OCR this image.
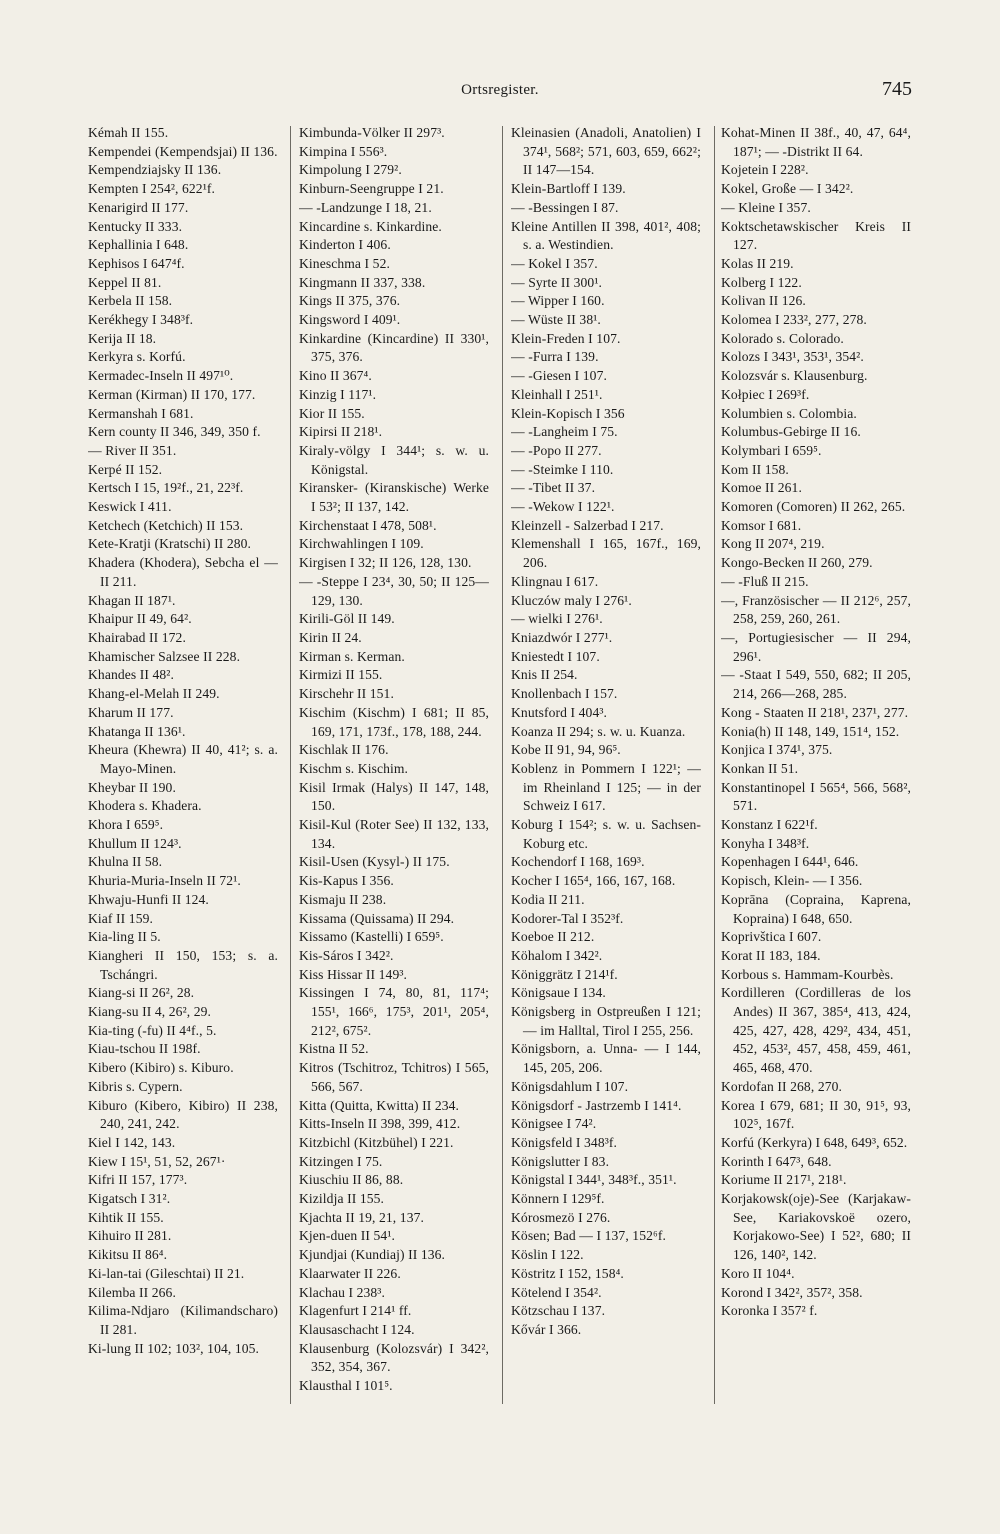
Ortsregister.	745

Kémah II 155.

Kempendei (Kempendsjai) II 136.

Kempendziajsky II 136.

Kempten I 254², 622¹f.

Kenarigird II 177.

Kentucky II 333.

Kephallinia I 648.

Kephisos I 647⁴f.

Keppel II 81.

Kerbela II 158.

Kerékhegy I 348³f.

Kerija II 18.

Kerkyra s. Korfú.

Kermadec-Inseln II 497¹⁰.

Kerman (Kirman) II 170, 177.

Kermanshah I 681.

Kern county II 346, 349, 350 f.

— River II 351.

Kerpé II 152.

Kertsch I 15, 19²f., 21, 22³f.

Keswick I 411.

Ketchech (Ketchich) II 153.

Kete-Kratji (Kratschi) II 280.

Khadera (Khodera), Sebcha el — II 211.

Khagan II 187¹.

Khaipur II 49, 64².

Khairabad II 172.

Khamischer Salzsee II 228.

Khandes II 48².

Khang-el-Melah II 249.

Kharum II 177.

Khatanga II 136¹.

Kheura (Khewra) II 40, 41²; s. a. Mayo-Minen.

Kheybar II 190.

Khodera s. Khadera.

Khora I 659⁵.

Khullum II 124³.

Khulna II 58.

Khuria-Muria-Inseln II 72¹.

Khwaju-Hunfi II 124.

Kiaf II 159.

Kia-ling II 5.

Kiangheri II 150, 153; s. a. Tschángri.

Kiang-si II 26², 28.

Kiang-su II 4, 26², 29.

Kia-ting (-fu) II 4⁴f., 5.

Kiau-tschou II 198f.

Kibero (Kibiro) s. Kiburo.

Kibris s. Cypern.

Kiburo (Kibero, Kibiro) II 238, 240, 241, 242.

Kiel I 142, 143.

Kiew I 15¹, 51, 52, 267¹·

Kifri II 157, 177³.

Kigatsch I 31².

Kihtik II 155.

Kihuiro II 281.

Kikitsu II 86⁴.

Ki-lan-tai (Gileschtai) II 21.

Kilemba II 266.

Kilima-Ndjaro (Kilimandscharo) II 281.

Ki-lung II 102; 103², 104, 105.

Kimbunda-Völker II 297³.

Kimpina I 556³.

Kimpolung I 279².

Kinburn-Seengruppe I 21.

— -Landzunge I 18, 21.

Kincardine s. Kinkardine.

Kinderton I 406.

Kineschma I 52.

Kingmann II 337, 338.

Kings II 375, 376.

Kingsword I 409¹.

Kinkardine (Kincardine) II 330¹, 375, 376.

Kino II 367⁴.

Kinzig I 117¹.

Kior II 155.

Kipirsi II 218¹.

Kiraly-völgy I 344¹; s. w. u. Königstal.

Kiransker- (Kiranskische) Werke I 53²; II 137, 142.

Kirchenstaat I 478, 508¹.

Kirchwahlingen I 109.

Kirgisen I 32; II 126, 128, 130.

— -Steppe I 23⁴, 30, 50; II 125—129, 130.

Kirili-Göl II 149.

Kirin II 24.

Kirman s. Kerman.

Kirmizi II 155.

Kirschehr II 151.

Kischim (Kischm) I 681; II 85, 169, 171, 173f., 178, 188, 244.

Kischlak II 176.

Kischm s. Kischim.

Kisil Irmak (Halys) II 147, 148, 150.

Kisil-Kul (Roter See) II 132, 133, 134.

Kisil-Usen (Kysyl-) II 175.

Kis-Kapus I 356.

Kismaju II 238.

Kissama (Quissama) II 294.

Kissamo (Kastelli) I 659⁵.

Kis-Sáros I 342².

Kiss Hissar II 149³.

Kissingen I 74, 80, 81, 117⁴; 155¹, 166⁶, 175³, 201¹, 205⁴, 212², 675².

Kistna II 52.

Kitros (Tschitroz, Tchitros) I 565, 566, 567.

Kitta (Quitta, Kwitta) II 234.

Kitts-Inseln II 398, 399, 412.

Kitzbichl (Kitzbühel) I 221.

Kitzingen I 75.

Kiuschiu II 86, 88.

Kizildja II 155.

Kjachta II 19, 21, 137.

Kjen-duen II 54¹.

Kjundjai (Kundiaj) II 136.

Klaarwater II 226.

Klachau I 238³.

Klagenfurt I 214¹ ff.

Klausaschacht I 124.

Klausenburg (Kolozsvár) I 342², 352, 354, 367.

Klausthal I 101⁵.

Kleinasien (Anadoli, Anatolien) I 374¹, 568²; 571, 603, 659, 662²; II 147—154.

Klein-Bartloff I 139.

— -Bessingen I 87.

Kleine Antillen II 398, 401², 408; s. a. Westindien.

— Kokel I 357.

— Syrte II 300¹.

— Wipper I 160.

— Wüste II 38¹.

Klein-Freden I 107.

— -Furra I 139.

— -Giesen I 107.

Kleinhall I 251¹.

Klein-Kopisch I 356

— -Langheim I 75.

— -Popo II 277.

— -Steimke I 110.

— -Tibet II 37.

— -Wekow I 122¹.

Kleinzell - Salzerbad I 217.

Klemenshall I 165, 167f., 169, 206.

Klingnau I 617.

Kluczów maly I 276¹.

— wielki I 276¹.

Kniazdwór I 277¹.

Kniestedt I 107.

Knis II 254.

Knollenbach I 157.

Knutsford I 404³.

Koanza II 294; s. w. u. Kuanza.

Kobe II 91, 94, 96⁵.

Koblenz in Pommern I 122¹; — im Rheinland I 125; — in der Schweiz I 617.

Koburg I 154²; s. w. u. Sachsen-Koburg etc.

Kochendorf I 168, 169³.

Kocher I 165⁴, 166, 167, 168.

Kodia II 211.

Kodorer-Tal I 352³f.

Koeboe II 212.

Köhalom I 342².

Königgrätz I 214¹f.

Königsaue I 134.

Königsberg in Ostpreußen I 121; — im Halltal, Tirol I 255, 256.

Königsborn, a. Unna- — I 144, 145, 205, 206.

Königsdahlum I 107.

Königsdorf - Jastrzemb I 141⁴.

Königsee I 74².

Königsfeld I 348³f.

Königslutter I 83.

Königstal I 344¹, 348³f., 351¹.

Könnern I 129⁵f.

Kórosmezö I 276.

Kösen; Bad — I 137, 152⁶f.

Köslin I 122.

Köstritz I 152, 158⁴.

Kötelend I 354².

Kötzschau I 137.

Kővár I 366.

Kohat-Minen II 38f., 40, 47, 64⁴, 187¹; — -Distrikt II 64.

Kojetein I 228².

Kokel, Große — I 342².

— Kleine I 357.

Koktschetawskischer Kreis II 127.

Kolas II 219.

Kolberg I 122.

Kolivan II 126.

Kolomea I 233², 277, 278.

Kolorado s. Colorado.

Kolozs I 343¹, 353¹, 354².

Kolozsvár s. Klausenburg.

Kołpiec I 269³f.

Kolumbien s. Colombia.

Kolumbus-Gebirge II 16.

Kolymbari I 659⁵.

Kom II 158.

Komoe II 261.

Komoren (Comoren) II 262, 265.

Komsor I 681.

Kong II 207⁴, 219.

Kongo-Becken II 260, 279.

— -Fluß II 215.

—, Französischer — II 212⁶, 257, 258, 259, 260, 261.

—, Portugiesischer — II 294, 296¹.

— -Staat I 549, 550, 682; II 205, 214, 266—268, 285.

Kong - Staaten II 218¹, 237¹, 277.

Konia(h) II 148, 149, 151⁴, 152.

Konjica I 374¹, 375.

Konkan II 51.

Konstantinopel I 565⁴, 566, 568², 571.

Konstanz I 622¹f.

Konyha I 348³f.

Kopenhagen I 644¹, 646.

Kopisch, Klein- — I 356.

Koprāna (Copraina, Kaprena, Kopraina) I 648, 650.

Koprivštica I 607.

Korat II 183, 184.

Korbous s. Hammam-Kourbès.

Kordilleren (Cordilleras de los Andes) II 367, 385⁴, 413, 424, 425, 427, 428, 429², 434, 451, 452, 453², 457, 458, 459, 461, 465, 468, 470.

Kordofan II 268, 270.

Korea I 679, 681; II 30, 91⁵, 93, 102⁵, 167f.

Korfú (Kerkyra) I 648, 649³, 652.

Korinth I 647³, 648.

Koriume II 217¹, 218¹.

Korjakowsk(oje)-See (Karjakaw-See, Kariakovskoë ozero, Korjakowo-See) I 52², 680; II 126, 140², 142.

Koro II 104⁴.

Korond I 342², 357², 358.

Koronka I 357² f.
